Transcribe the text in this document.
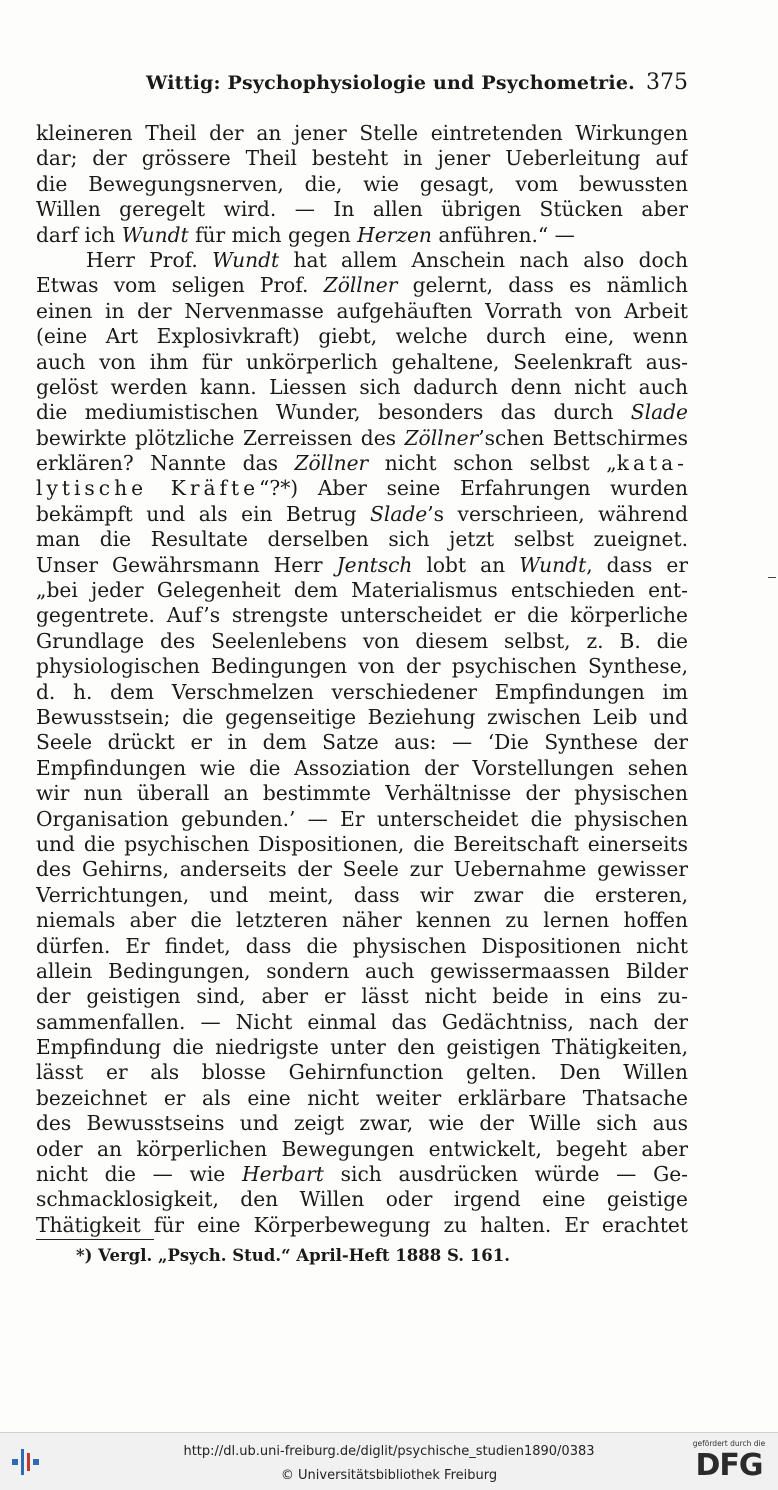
Wittig: Psychophysiologie und Psychometrie. 375
kleineren Theil der an jener Stelle eintretenden Wirkungen
dar; der grössere Theil besteht in jener Ueberleitung auf
die Bewegungsnerven, die, wie gesagt, vom bewussten
Willen geregelt wird. — In allen übrigen Stücken aber
darf ich Wundt für mich gegen Herzen anführen.“ —
Herr Prof. Wundt hat allem Anschein nach also doch
Etwas vom seligen Prof. Zöllner gelernt, dass es nämlich
einen in der Nervenmasse aufgehäuften Vorrath von Arbeit
(eine Art Explosivkraft) giebt, welche durch eine, wenn
auch von ihm für unkörperlich gehaltene, Seelenkraft aus-
gelöst werden kann. Liessen sich dadurch denn nicht auch
die mediumistischen Wunder, besonders das durch Slade
bewirkte plötzliche Zerreissen des Zöllner’schen Bettschirmes
erklären? Nannte das Zöllner nicht schon selbst „kata-
lytische Kräfte“?*) Aber seine Erfahrungen wurden
bekämpft und als ein Betrug Slade’s verschrieen, während
man die Resultate derselben sich jetzt selbst zueignet.
Unser Gewährsmann Herr Jentsch lobt an Wundt, dass er
„bei jeder Gelegenheit dem Materialismus entschieden ent-
gegentrete. Auf’s strengste unterscheidet er die körperliche
Grundlage des Seelenlebens von diesem selbst, z. B. die
physiologischen Bedingungen von der psychischen Synthese,
d. h. dem Verschmelzen verschiedener Empfindungen im
Bewusstsein; die gegenseitige Beziehung zwischen Leib und
Seele drückt er in dem Satze aus: — ‘Die Synthese der
Empfindungen wie die Assoziation der Vorstellungen sehen
wir nun überall an bestimmte Verhältnisse der physischen
Organisation gebunden.’ — Er unterscheidet die physischen
und die psychischen Dispositionen, die Bereitschaft einerseits
des Gehirns, anderseits der Seele zur Uebernahme gewisser
Verrichtungen, und meint, dass wir zwar die ersteren,
niemals aber die letzteren näher kennen zu lernen hoffen
dürfen. Er findet, dass die physischen Dispositionen nicht
allein Bedingungen, sondern auch gewissermaassen Bilder
der geistigen sind, aber er lässt nicht beide in eins zu-
sammenfallen. — Nicht einmal das Gedächtniss, nach der
Empfindung die niedrigste unter den geistigen Thätigkeiten,
lässt er als blosse Gehirnfunction gelten. Den Willen
bezeichnet er als eine nicht weiter erklärbare Thatsache
des Bewusstseins und zeigt zwar, wie der Wille sich aus
oder an körperlichen Bewegungen entwickelt, begeht aber
nicht die — wie Herbart sich ausdrücken würde — Ge-
schmacklosigkeit, den Willen oder irgend eine geistige
Thätigkeit für eine Körperbewegung zu halten. Er erachtet
*) Vergl. „Psych. Stud.“ April-Heft 1888 S. 161.
http://dl.ub.uni-freiburg.de/diglit/psychische_studien1890/0383
© Universitätsbibliothek Freiburg
gefördert durch die
DFG
